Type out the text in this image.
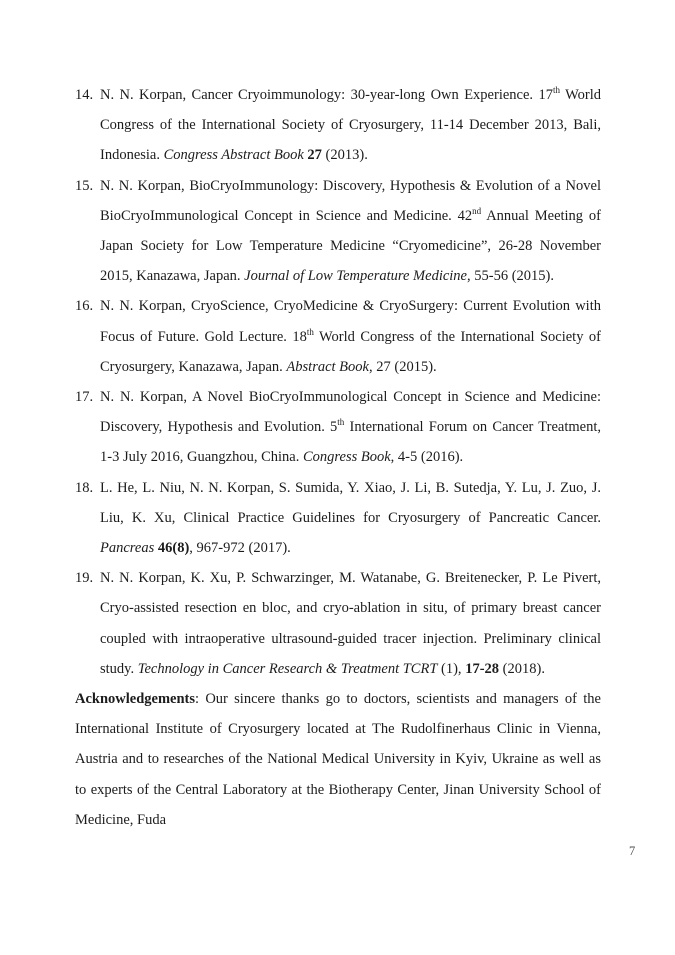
14. N. N. Korpan, Cancer Cryoimmunology: 30-year-long Own Experience. 17th World Congress of the International Society of Cryosurgery, 11-14 December 2013, Bali, Indonesia. Congress Abstract Book 27 (2013).

15. N. N. Korpan, BioCryoImmunology: Discovery, Hypothesis & Evolution of a Novel BioCryoImmunological Concept in Science and Medicine. 42nd Annual Meeting of Japan Society for Low Temperature Medicine “Cryomedicine”, 26-28 November 2015, Kanazawa, Japan. Journal of Low Temperature Medicine, 55-56 (2015).

16. N. N. Korpan, CryoScience, CryoMedicine & CryoSurgery: Current Evolution with Focus of Future. Gold Lecture. 18th World Congress of the International Society of Cryosurgery, Kanazawa, Japan. Abstract Book, 27 (2015).

17. N. N. Korpan, A Novel BioCryoImmunological Concept in Science and Medicine: Discovery, Hypothesis and Evolution. 5th International Forum on Cancer Treatment, 1-3 July 2016, Guangzhou, China. Congress Book, 4-5 (2016).

18. L. He, L. Niu, N. N. Korpan, S. Sumida, Y. Xiao, J. Li, B. Sutedja, Y. Lu, J. Zuo, J. Liu, K. Xu, Clinical Practice Guidelines for Cryosurgery of Pancreatic Cancer. Pancreas 46(8), 967-972 (2017).

19. N. N. Korpan, K. Xu, P. Schwarzinger, M. Watanabe, G. Breitenecker, P. Le Pivert, Cryo-assisted resection en bloc, and cryo-ablation in situ, of primary breast cancer coupled with intraoperative ultrasound-guided tracer injection. Preliminary clinical study. Technology in Cancer Research & Treatment TCRT (1), 17-28 (2018).

Acknowledgements: Our sincere thanks go to doctors, scientists and managers of the International Institute of Cryosurgery located at The Rudolfinerhaus Clinic in Vienna, Austria and to researches of the National Medical University in Kyiv, Ukraine as well as to experts of the Central Laboratory at the Biotherapy Center, Jinan University School of Medicine, Fuda

7
